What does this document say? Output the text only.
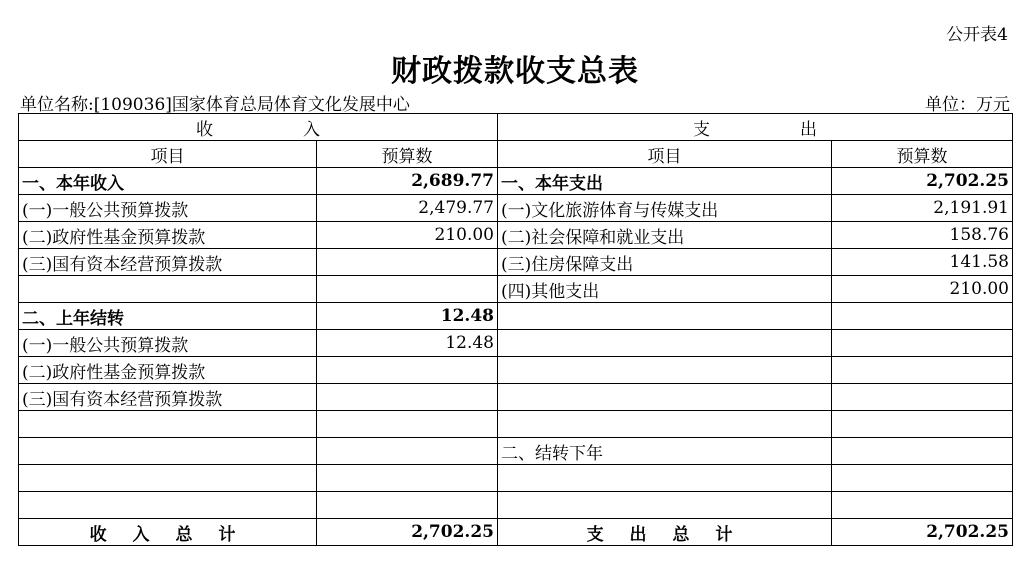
公开表4
财政拨款收支总表
单位名称:[109036]国家体育总局体育文化发展中心	单位：万元
收 入		支 出	
项目	预算数	项目	预算数
一、本年收入	2,689.77	一、本年支出	2,702.25
(一)一般公共预算拨款	2,479.77	(一)文化旅游体育与传媒支出	2,191.91
(二)政府性基金预算拨款	210.00	(二)社会保障和就业支出	158.76
(三)国有资本经营预算拨款		(三)住房保障支出	141.58
		(四)其他支出	210.00
二、上年结转	12.48		
(一)一般公共预算拨款	12.48		
(二)政府性基金预算拨款			
(三)国有资本经营预算拨款			

		二、结转下年	

收 入 总 计	2,702.25	支 出 总 计	2,702.25
